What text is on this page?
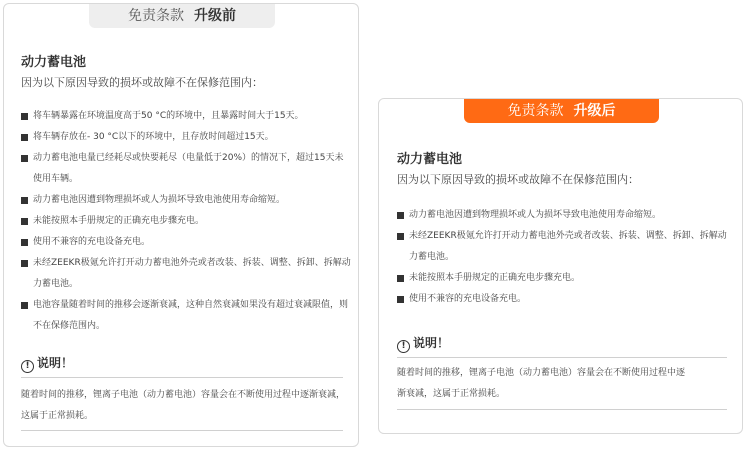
免责条款 升级前
动力蓄电池
因为以下原因导致的损坏或故障不在保修范围内：
将车辆暴露在环境温度高于50 °C的环境中，且暴露时间大于15天。
将车辆存放在- 30 °C以下的环境中，且存放时间超过15天。
动力蓄电池电量已经耗尽或快要耗尽（电量低于20%）的情况下，超过15天未使用车辆。
动力蓄电池因遭到物理损坏或人为损坏导致电池使用寿命缩短。
未能按照本手册规定的正确充电步骤充电。
使用不兼容的充电设备充电。
未经ZEEKR极氪允许打开动力蓄电池外壳或者改装、拆装、调整、拆卸、拆解动力蓄电池。
电池容量随着时间的推移会逐渐衰减，这种自然衰减如果没有超过衰减限值，则不在保修范围内。
! 说明！
随着时间的推移，锂离子电池（动力蓄电池）容量会在不断使用过程中逐渐衰减，这属于正常损耗。
免责条款 升级后
动力蓄电池
因为以下原因导致的损坏或故障不在保修范围内：
动力蓄电池因遭到物理损坏或人为损坏导致电池使用寿命缩短。
未经ZEEKR极氪允许打开动力蓄电池外壳或者改装、拆装、调整、拆卸、拆解动力蓄电池。
未能按照本手册规定的正确充电步骤充电。
使用不兼容的充电设备充电。
! 说明！
随着时间的推移，锂离子电池（动力蓄电池）容量会在不断使用过程中逐渐衰减，这属于正常损耗。
